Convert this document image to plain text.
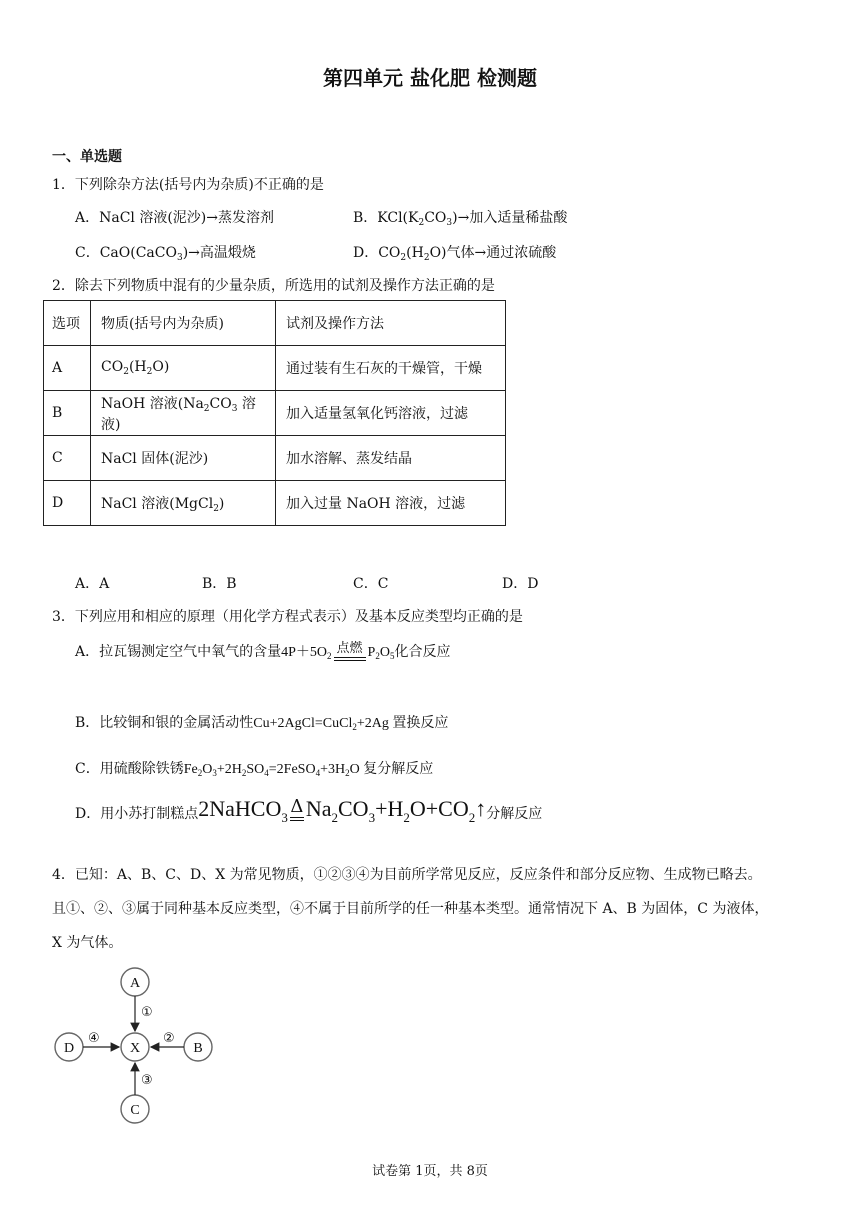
第四单元 盐化肥 检测题
一、单选题
1．下列除杂方法(括号内为杂质)不正确的是
A．NaCl 溶液(泥沙)→蒸发溶剂	B．$KCl(K_2CO_3)\to$加入适量稀盐酸
C．CaO(CaCO$_3$)→高温煅烧	D．$CO_2(H_2O)$气体→通过浓硫酸
2．除去下列物质中混有的少量杂质，所选用的试剂及操作方法正确的是
选项	物质(括号内为杂质)	试剂及操作方法
A	$CO_2(H_2O)$	通过装有生石灰的干燥管，干燥
B	NaOH 溶液($Na_2CO_3$ 溶液)	加入适量氢氧化钙溶液，过滤
C	NaCl 固体(泥沙)	加水溶解、蒸发结晶
D	NaCl 溶液(MgCl$_2$)	加入过量 NaOH 溶液，过滤
A．A	B．B	C．C	D．D
3．下列应用和相应的原理（用化学方程式表示）及基本反应类型均正确的是
A．拉瓦锡测定空气中氧气的含量$4P+5O_2$ 点燃 $P_2O_5$化合反应
B．比较铜和银的金属活动性Cu+2AgCl=CuCl$_2$+2Ag 置换反应
C．用硫酸除铁锈$Fe_2O_3+2H_2SO_4=2FeSO_4+3H_2O$ 复分解反应
D．用小苏打制糕点2NaHCO$_3$
Δ $Na_2CO_3+H_2O+CO_2↑$分解反应
4．已知：A、B、C、D、X 为常见物质，①②③④为目前所学常见反应，反应条件和部分反应物、生成物已略去。
且①、②、③属于同种基本反应类型，④不属于目前所学的任一种基本类型。通常情况下 A、B 为固体，C 为液体，
X 为气体。
A
X
D	B
C
①
②
④
③
试卷第 1页，共 8页
